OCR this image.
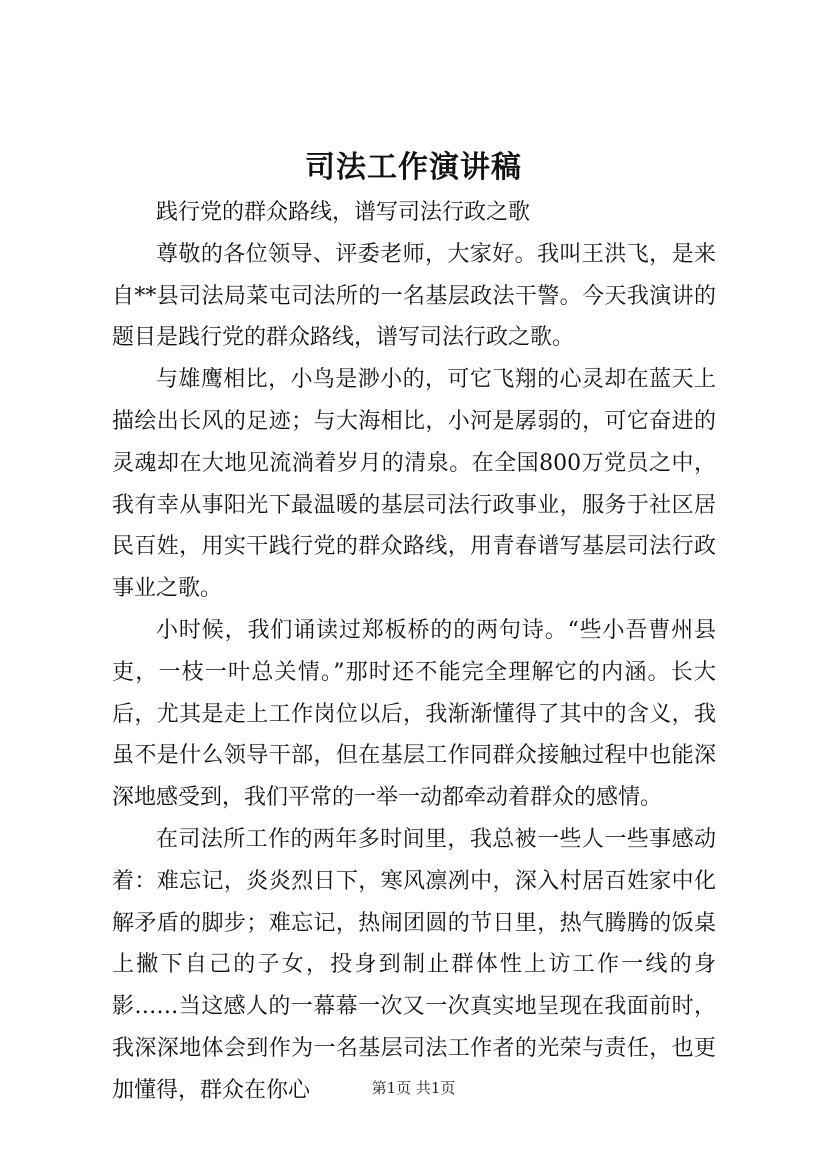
司法工作演讲稿

践行党的群众路线，谱写司法行政之歌

尊敬的各位领导、评委老师，大家好。我叫王洪飞，是来自**县司法局菜屯司法所的一名基层政法干警。今天我演讲的题目是践行党的群众路线，谱写司法行政之歌。

与雄鹰相比，小鸟是渺小的，可它飞翔的心灵却在蓝天上描绘出长风的足迹；与大海相比，小河是孱弱的，可它奋进的灵魂却在大地见流淌着岁月的清泉。在全国800万党员之中，我有幸从事阳光下最温暖的基层司法行政事业，服务于社区居民百姓，用实干践行党的群众路线，用青春谱写基层司法行政事业之歌。

小时候，我们诵读过郑板桥的的两句诗。“些小吾曹州县吏，一枝一叶总关情。”那时还不能完全理解它的内涵。长大后，尤其是走上工作岗位以后，我渐渐懂得了其中的含义，我虽不是什么领导干部，但在基层工作同群众接触过程中也能深深地感受到，我们平常的一举一动都牵动着群众的感情。

在司法所工作的两年多时间里，我总被一些人一些事感动着：难忘记，炎炎烈日下，寒风凛冽中，深入村居百姓家中化解矛盾的脚步；难忘记，热闹团圆的节日里，热气腾腾的饭桌上撇下自己的子女，投身到制止群体性上访工作一线的身影……当这感人的一幕幕一次又一次真实地呈现在我面前时，我深深地体会到作为一名基层司法工作者的光荣与责任，也更加懂得，群众在你心	第1页 共1页
